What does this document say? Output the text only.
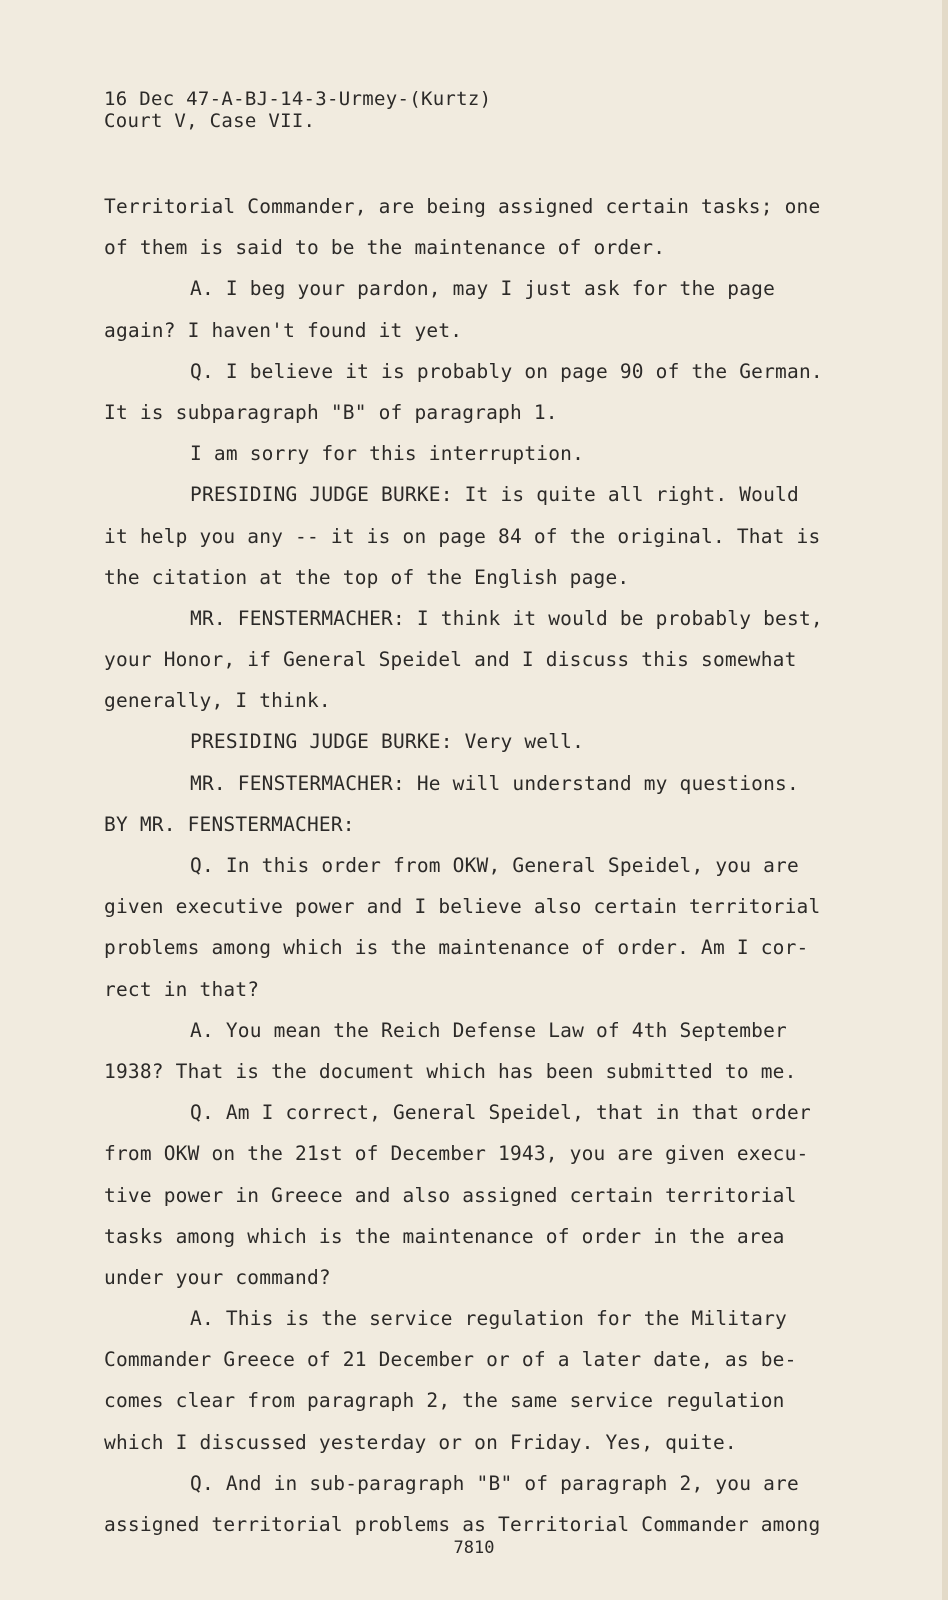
16 Dec 47-A-BJ-14-3-Urmey-(Kurtz)
Court V, Case VII.
Territorial Commander, are being assigned certain tasks; one
of them is said to be the maintenance of order.
A. I beg your pardon, may I just ask for the page
again? I haven't found it yet.
Q. I believe it is probably on page 90 of the German.
It is subparagraph "B" of paragraph 1.
I am sorry for this interruption.
PRESIDING JUDGE BURKE: It is quite all right. Would
it help you any -- it is on page 84 of the original. That is
the citation at the top of the English page.
MR. FENSTERMACHER: I think it would be probably best,
your Honor, if General Speidel and I discuss this somewhat
generally, I think.
PRESIDING JUDGE BURKE: Very well.
MR. FENSTERMACHER: He will understand my questions.
BY MR. FENSTERMACHER:
Q. In this order from OKW, General Speidel, you are
given executive power and I believe also certain territorial
problems among which is the maintenance of order. Am I cor-
rect in that?
A. You mean the Reich Defense Law of 4th September
1938? That is the document which has been submitted to me.
Q. Am I correct, General Speidel, that in that order
from OKW on the 21st of December 1943, you are given execu-
tive power in Greece and also assigned certain territorial
tasks among which is the maintenance of order in the area
under your command?
A. This is the service regulation for the Military
Commander Greece of 21 December or of a later date, as be-
comes clear from paragraph 2, the same service regulation
which I discussed yesterday or on Friday. Yes, quite.
Q. And in sub-paragraph "B" of paragraph 2, you are
assigned territorial problems as Territorial Commander among
7810
